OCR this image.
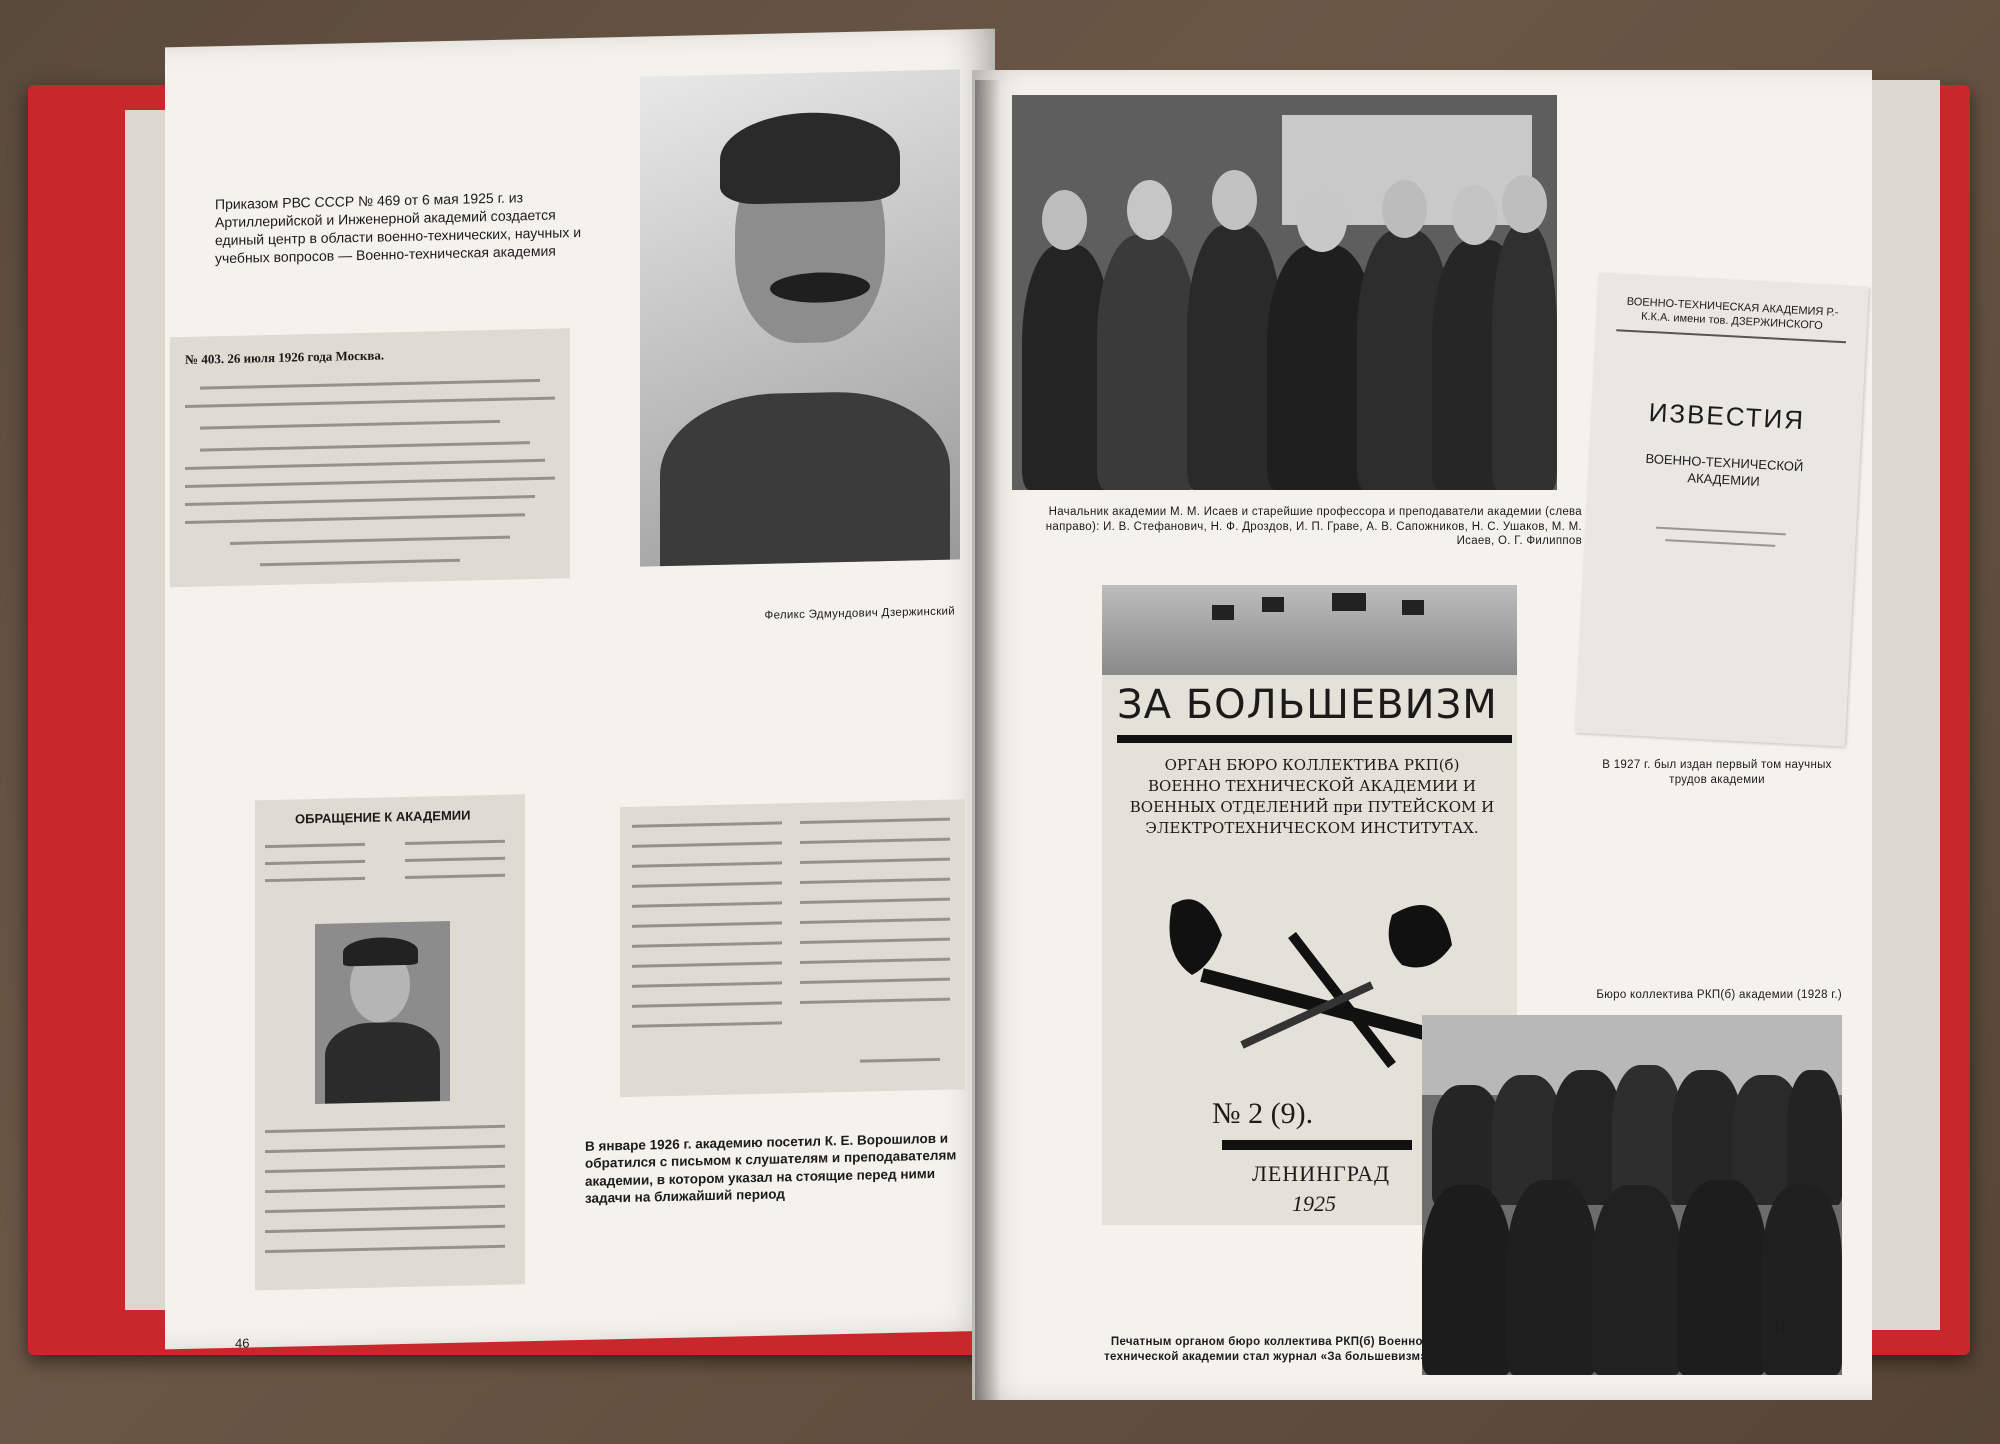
Приказом РВС СССР № 469 от 6 мая 1925 г. из Артиллерийской и Инженерной академий создается единый центр в области военно-технических, научных и учебных вопросов — Военно-техническая академия
№ 403. 26 июля 1926 года Москва.
Феликс Эдмундович Дзержинский
ОБРАЩЕНИЕ К АКАДЕМИИ
В январе 1926 г. академию посетил К. Е. Ворошилов и обратился с письмом к слушателям и преподавателям академии, в котором указал на стоящие перед ними задачи на ближайший период
46
Начальник академии М. М. Исаев и старейшие профессора и преподаватели академии (слева направо): И. В. Стефанович, Н. Ф. Дроздов, И. П. Граве, А. В. Сапожников, Н. С. Ушаков, М. М. Исаев, О. Г. Филиппов
ВОЕННО-ТЕХНИЧЕСКАЯ АКАДЕМИЯ Р.-К.К.А. имени тов. ДЗЕРЖИНСКОГО
ИЗВЕСТИЯ
ВОЕННО-ТЕХНИЧЕСКОЙ АКАДЕМИИ
В 1927 г. был издан первый том научных трудов академии
ЗА БОЛЬШЕВИЗМ
ОРГАН БЮРО КОЛЛЕКТИВА РКП(б) ВОЕННО ТЕХНИЧЕСКОЙ АКАДЕМИИ И ВОЕННЫХ ОТДЕЛЕНИЙ при ПУТЕЙСКОМ И ЭЛЕКТРОТЕХНИЧЕСКОМ ИНСТИТУТАХ.
№ 2 (9).
ЛЕНИНГРАД
1925
Бюро коллектива РКП(б) академии (1928 г.)
Печатным органом бюро коллектива РКП(б) Военно-технической академии стал журнал «За большевизм»
47
